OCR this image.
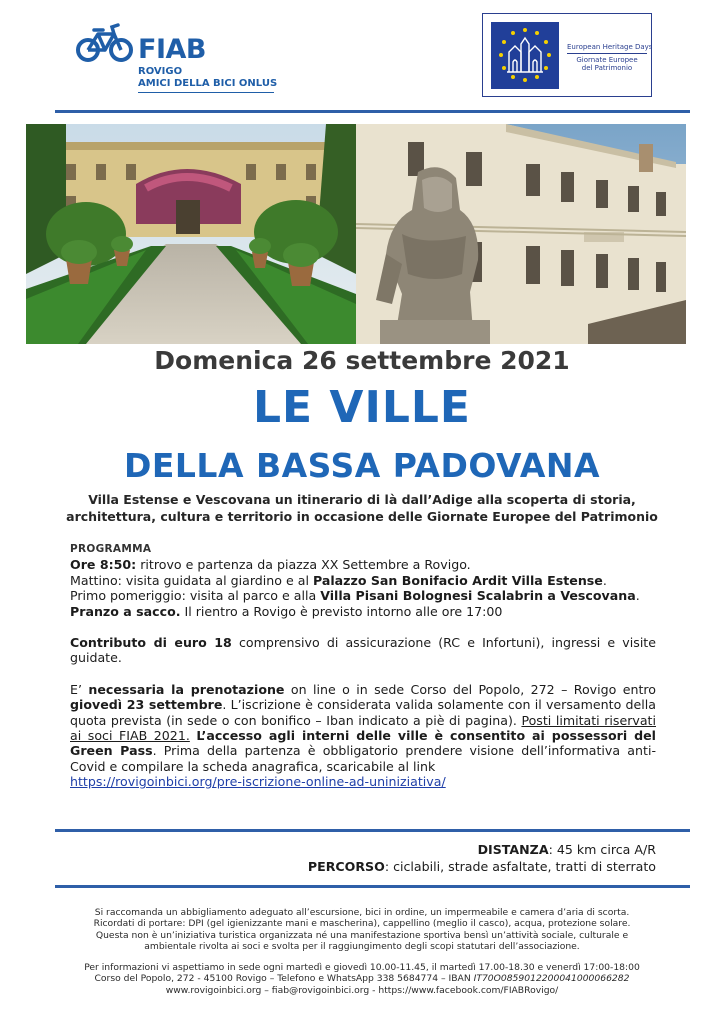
FIAB
ROVIGO
AMICI DELLA BICI ONLUS
European Heritage Days
Giornate Europee del Patrimonio
Domenica 26 settembre 2021
LE VILLE
DELLA BASSA PADOVANA
Villa Estense e Vescovana un itinerario di là dall’Adige alla scoperta di storia,
architettura, cultura e territorio in occasione delle Giornate Europee del Patrimonio
PROGRAMMA

Ore 8:50: ritrovo e partenza da piazza XX Settembre a Rovigo.

Mattino: visita guidata al giardino e al Palazzo San Bonifacio Ardit Villa Estense.

Primo pomeriggio: visita al parco e alla Villa Pisani Bolognesi Scalabrin a Vescovana.

Pranzo a sacco. Il rientro a Rovigo è previsto intorno alle ore 17:00

Contributo di euro 18 comprensivo di assicurazione (RC e Infortuni), ingressi e visite guidate.

E’ necessaria la prenotazione on line o in sede Corso del Popolo, 272 – Rovigo entro giovedì 23 settembre. L’iscrizione è considerata valida solamente con il versamento della quota prevista (in sede o con bonifico – Iban indicato a piè di pagina). Posti limitati riservati ai soci FIAB 2021. L’accesso agli interni delle ville è consentito ai possessori del Green Pass. Prima della partenza è obbligatorio prendere visione dell’informativa anti-Covid e compilare la scheda anagrafica, scaricabile al link
https://rovigoinbici.org/pre-iscrizione-online-ad-uniniziativa/

DISTANZA: 45 km circa A/R
PERCORSO: ciclabili, strade asfaltate, tratti di sterrato
Si raccomanda un abbigliamento adeguato all’escursione, bici in ordine, un impermeabile e camera d’aria di scorta.
Ricordati di portare: DPI (gel igienizzante mani e mascherina), cappellino (meglio il casco), acqua, protezione solare.
Questa non è un’iniziativa turistica organizzata né una manifestazione sportiva bensì un’attività sociale, culturale e
ambientale rivolta ai soci e svolta per il raggiungimento degli scopi statutari dell’associazione.
Per informazioni vi aspettiamo in sede ogni martedì e giovedì 10.00-11.45, il martedì 17.00-18.30 e venerdì 17:00-18:00
Corso del Popolo, 272 - 45100 Rovigo – Telefono e WhatsApp 338 5684774 – IBAN IT70O0859012200041000066282
www.rovigoinbici.org – fiab@rovigoinbici.org - https://www.facebook.com/FIABRovigo/
